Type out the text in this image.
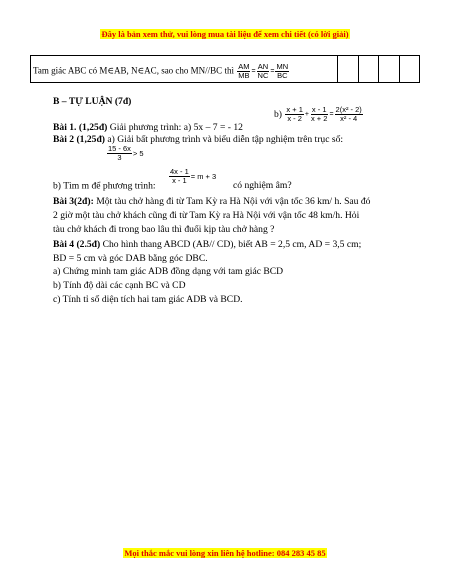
Đây là bản xem thử, vui lòng mua tài liệu để xem chi tiết (có lời giải)
Tam giác ABC có M∈AB, N∈AC, sao cho MN//BC thì $\frac{AM}{MB} = \frac{AN}{NC} = \frac{MN}{BC}$

B – TỰ LUẬN (7đ)
Bài 1. (1,25đ) Giải phương trình: a) 5x – 7 = - 12
$b) \frac{x + 1}{x - 2} + \frac{x - 1}{x + 2} = \frac{\text{2(x² - 2)}}{\text{x² - 4}}$
Bài 2 (1,25đ) a) Giải bất phương trình và biểu diễn tập nghiệm trên trục số:
$\frac{15 - 6x}{3} > 5$
b) Tìm m để phương trình:
$\frac{4x - 1}{x - 1} = m + 3$
có nghiệm âm?
Bài 3(2đ): Một tàu chở hàng đi từ Tam Kỳ ra Hà Nội với vận tốc 36 km/ h. Sau đó
2 giờ một tàu chở khách cũng đi từ Tam Kỳ ra Hà Nội với vận tốc 48 km/h. Hỏi
tàu chở khách đi trong bao lâu thì đuổi kịp tàu chở hàng ?
Bài 4 (2.5đ) Cho hình thang ABCD (AB// CD), biết AB = 2,5 cm, AD = 3,5 cm;
BD = 5 cm và góc DAB bằng góc DBC.
a) Chứng minh tam giác ADB đồng dạng với tam giác BCD
b) Tính độ dài các cạnh BC và CD
c) Tính tỉ số diện tích hai tam giác ADB và BCD.
Mọi thắc mắc vui lòng xin liên hệ hotline: 084 283 45 85
